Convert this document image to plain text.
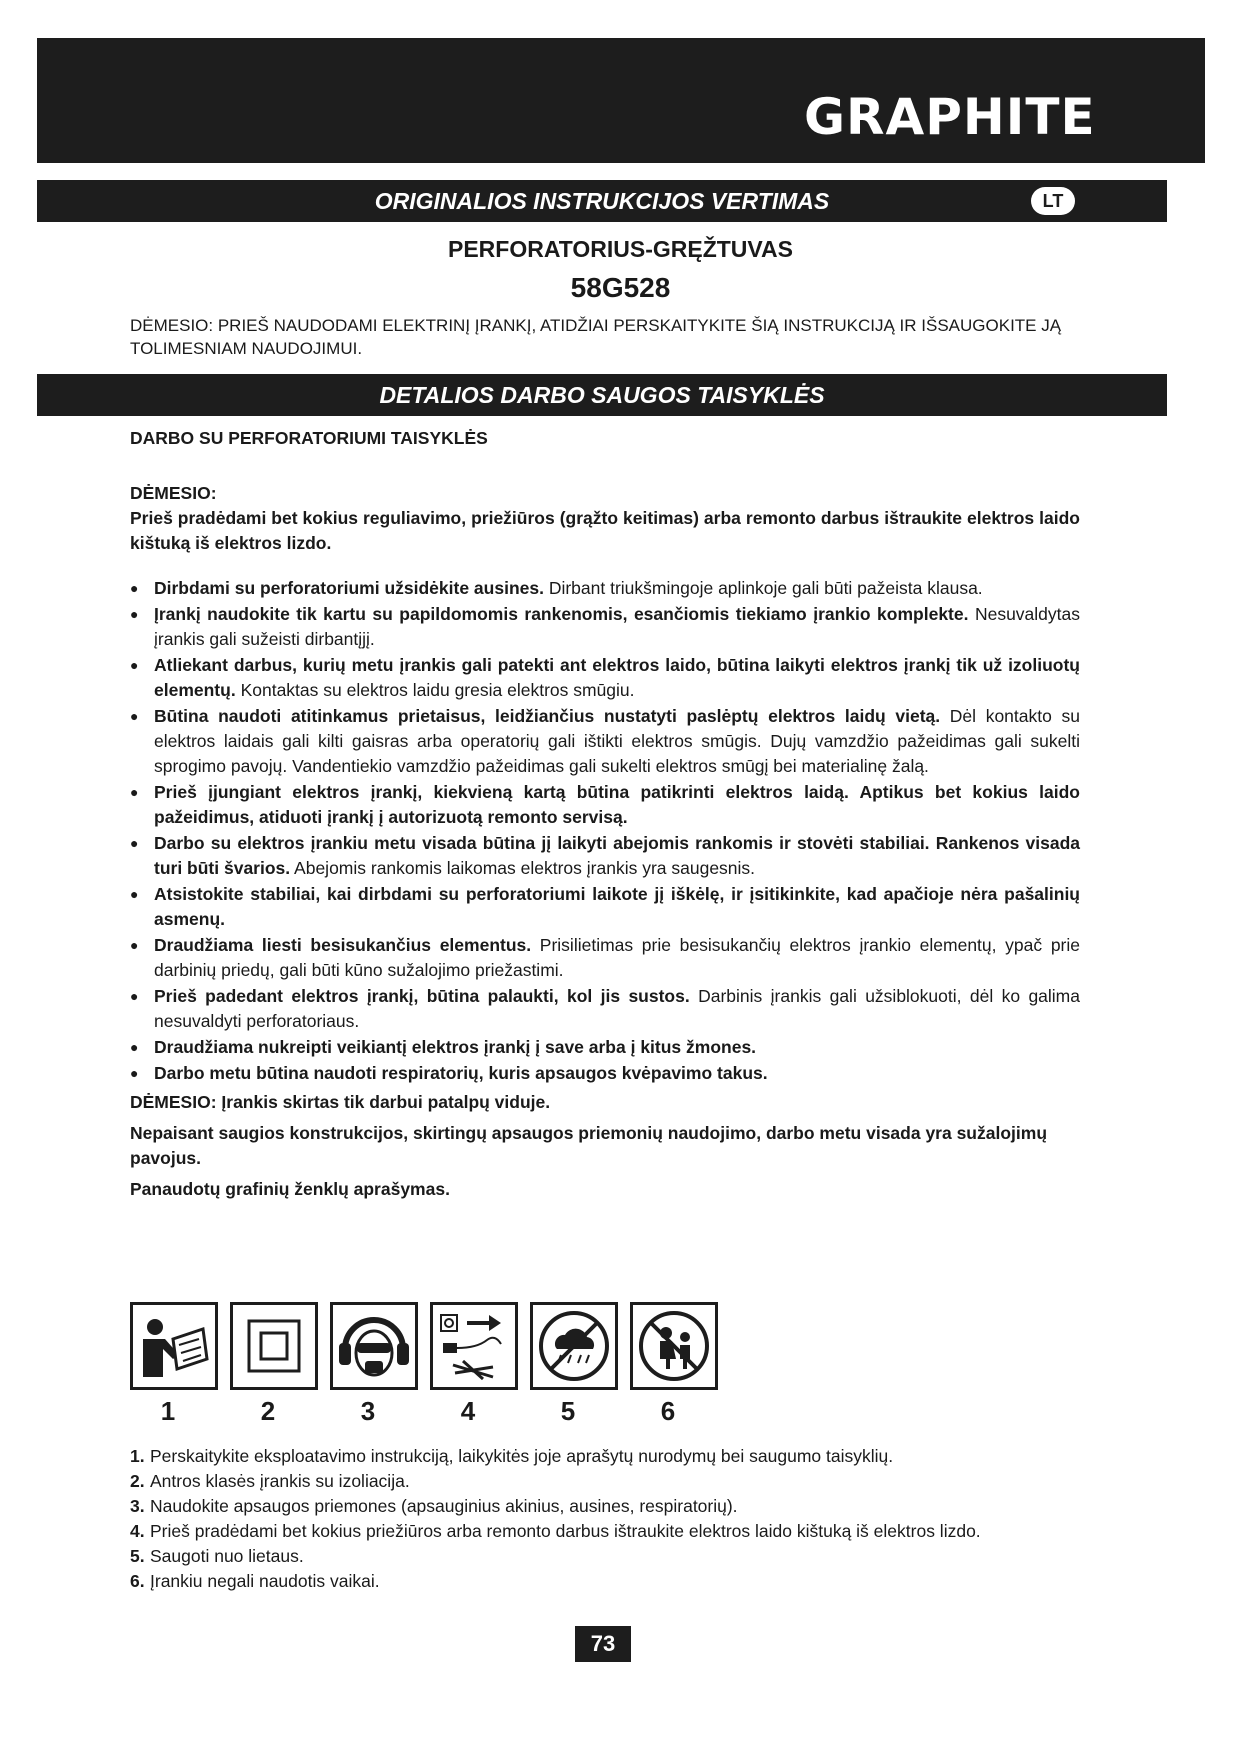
GRAPHITE
ORIGINALIOS INSTRUKCIJOS VERTIMAS	LT
PERFORATORIUS-GRĘŽTUVAS
58G528
DĖMESIO: PRIEŠ NAUDODAMI ELEKTRINĮ ĮRANKĮ, ATIDŽIAI PERSKAITYKITE ŠIĄ INSTRUKCIJĄ IR IŠSAUGOKITE JĄ TOLIMESNIAM NAUDOJIMUI.
DETALIOS DARBO SAUGOS TAISYKLĖS
DARBO SU PERFORATORIUMI TAISYKLĖS
DĖMESIO:
Prieš pradėdami bet kokius reguliavimo, priežiūros (grąžto keitimas) arba remonto darbus ištraukite elektros laido kištuką iš elektros lizdo.
● Dirbdami su perforatoriumi užsidėkite ausines. Dirbant triukšmingoje aplinkoje gali būti pažeista klausa.
● Įrankį naudokite tik kartu su papildomomis rankenomis, esančiomis tiekiamo įrankio komplekte. Nesuvaldytas įrankis gali sužeisti dirbantįjį.
● Atliekant darbus, kurių metu įrankis gali patekti ant elektros laido, būtina laikyti elektros įrankį tik už izoliuotų elementų. Kontaktas su elektros laidu gresia elektros smūgiu.
● Būtina naudoti atitinkamus prietaisus, leidžiančius nustatyti paslėptų elektros laidų vietą. Dėl kontakto su elektros laidais gali kilti gaisras arba operatorių gali ištikti elektros smūgis. Dujų vamzdžio pažeidimas gali sukelti sprogimo pavojų. Vandentiekio vamzdžio pažeidimas gali sukelti elektros smūgį bei materialinę žalą.
● Prieš įjungiant elektros įrankį, kiekvieną kartą būtina patikrinti elektros laidą. Aptikus bet kokius laido pažeidimus, atiduoti įrankį į autorizuotą remonto servisą.
● Darbo su elektros įrankiu metu visada būtina jį laikyti abejomis rankomis ir stovėti stabiliai. Rankenos visada turi būti švarios. Abejomis rankomis laikomas elektros įrankis yra saugesnis.
● Atsistokite stabiliai, kai dirbdami su perforatoriumi laikote jį iškėlę, ir įsitikinkite, kad apačioje nėra pašalinių asmenų.
● Draudžiama liesti besisukančius elementus. Prisilietimas prie besisukančių elektros įrankio elementų, ypač prie darbinių priedų, gali būti kūno sužalojimo priežastimi.
● Prieš padedant elektros įrankį, būtina palaukti, kol jis sustos. Darbinis įrankis gali užsiblokuoti, dėl ko galima nesuvaldyti perforatoriaus.
● Draudžiama nukreipti veikiantį elektros įrankį į save arba į kitus žmones.
● Darbo metu būtina naudoti respiratorių, kuris apsaugos kvėpavimo takus.
DĖMESIO: Įrankis skirtas tik darbui patalpų viduje.
Nepaisant saugios konstrukcijos, skirtingų apsaugos priemonių naudojimo, darbo metu visada yra sužalojimų pavojus.
Panaudotų grafinių ženklų aprašymas.
1	2	3	4	5	6
1. Perskaitykite eksploatavimo instrukciją, laikykitės joje aprašytų nurodymų bei saugumo taisyklių.
2. Antros klasės įrankis su izoliacija.
3. Naudokite apsaugos priemones (apsauginius akinius, ausines, respiratorių).
4. Prieš pradėdami bet kokius priežiūros arba remonto darbus ištraukite elektros laido kištuką iš elektros lizdo.
5. Saugoti nuo lietaus.
6. Įrankiu negali naudotis vaikai.
73
